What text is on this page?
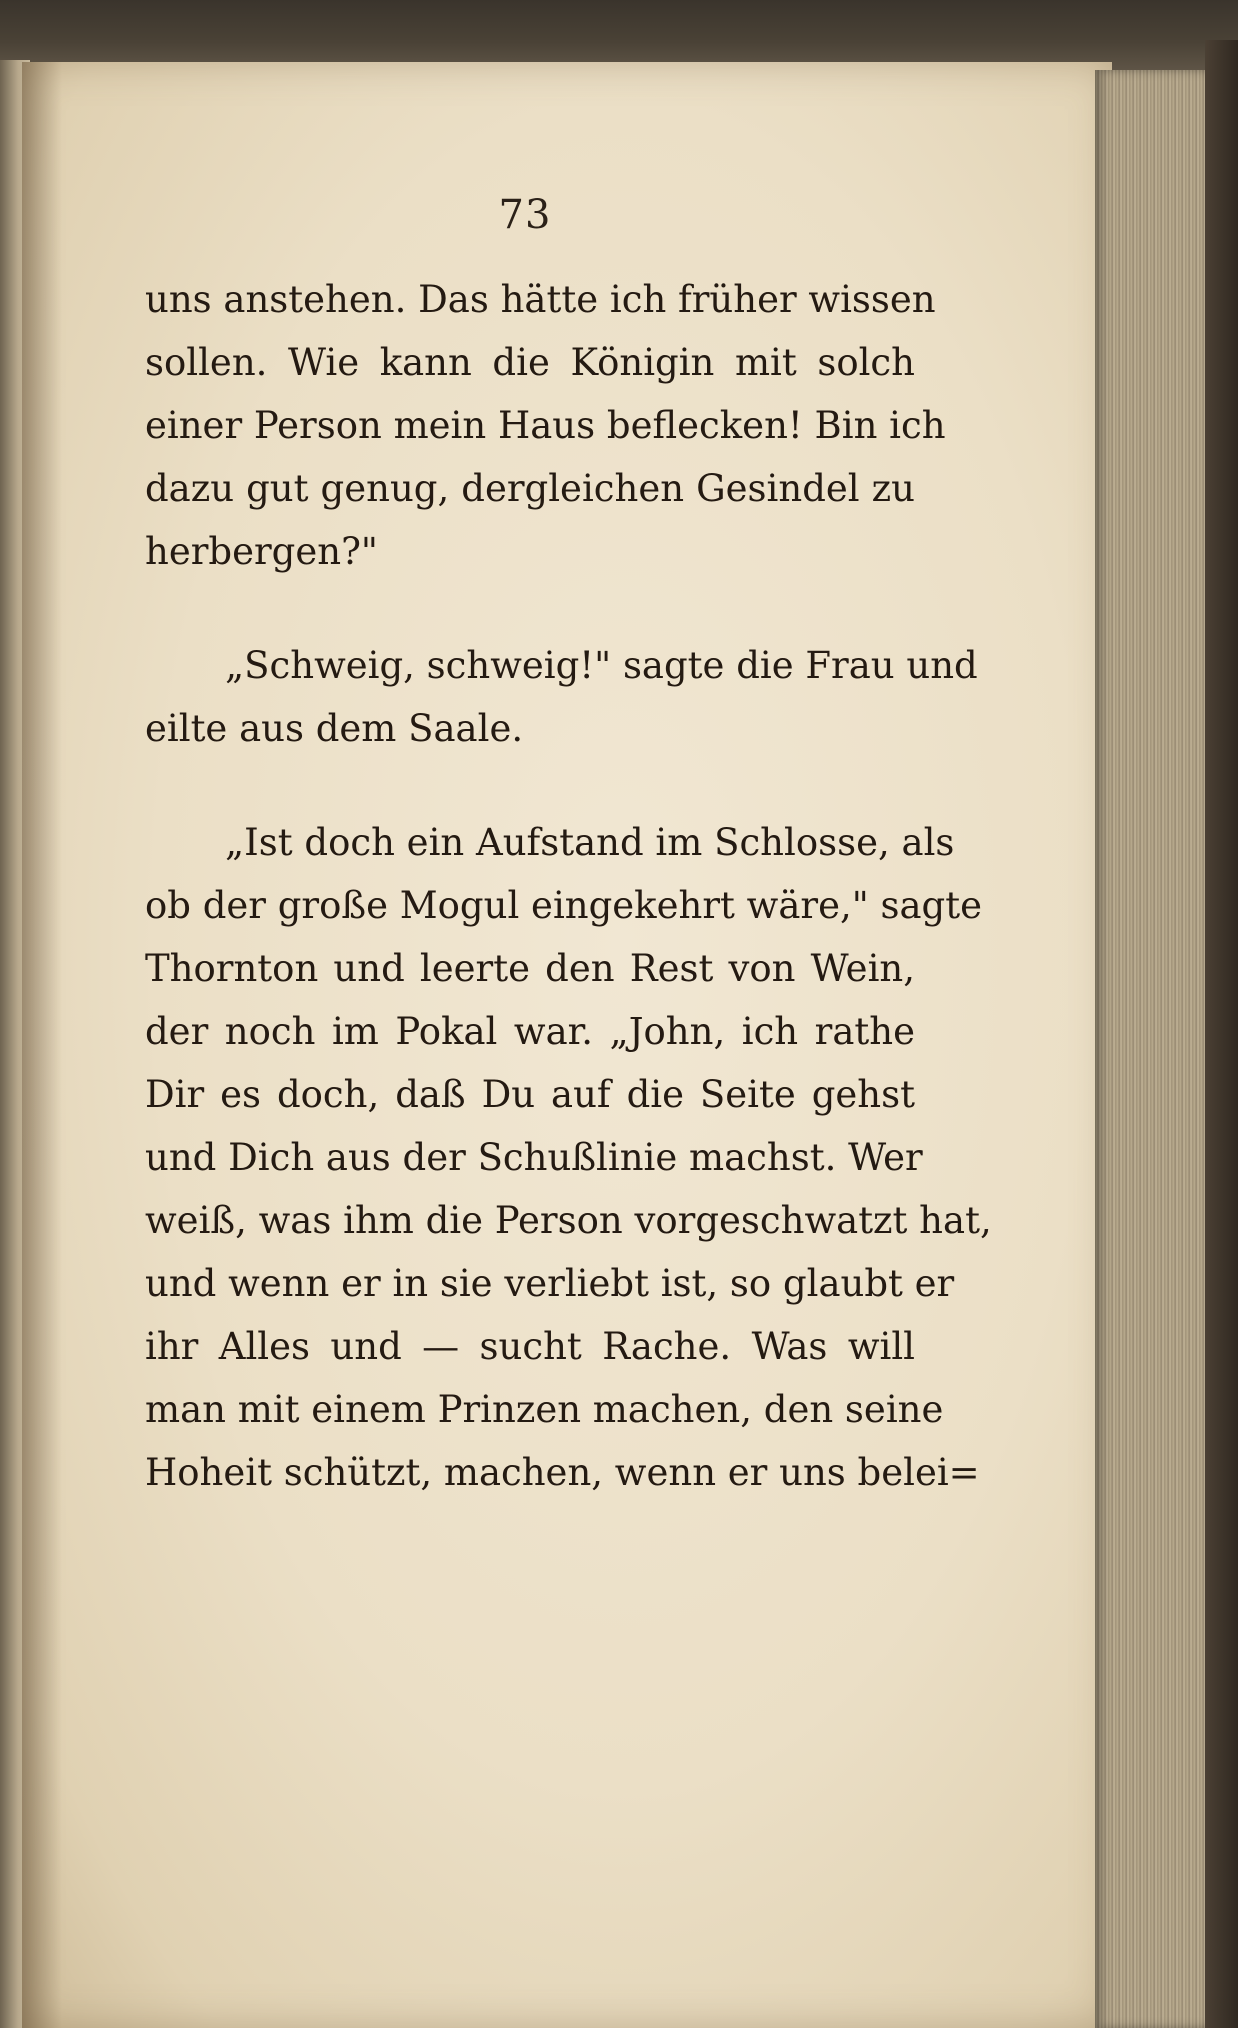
73

uns anstehen. Das hätte ich früher wissen
sollen. Wie kann die Königin mit solch
einer Person mein Haus beflecken! Bin ich
dazu gut genug, dergleichen Gesindel zu
herbergen?"

„Schweig, schweig!" sagte die Frau und
eilte aus dem Saale.

„Ist doch ein Aufstand im Schlosse, als
ob der große Mogul eingekehrt wäre," sagte
Thornton und leerte den Rest von Wein,
der noch im Pokal war. „John, ich rathe
Dir es doch, daß Du auf die Seite gehst
und Dich aus der Schußlinie machst. Wer
weiß, was ihm die Person vorgeschwatzt hat,
und wenn er in sie verliebt ist, so glaubt er
ihr Alles und — sucht Rache. Was will
man mit einem Prinzen machen, den seine
Hoheit schützt, machen, wenn er uns belei=
